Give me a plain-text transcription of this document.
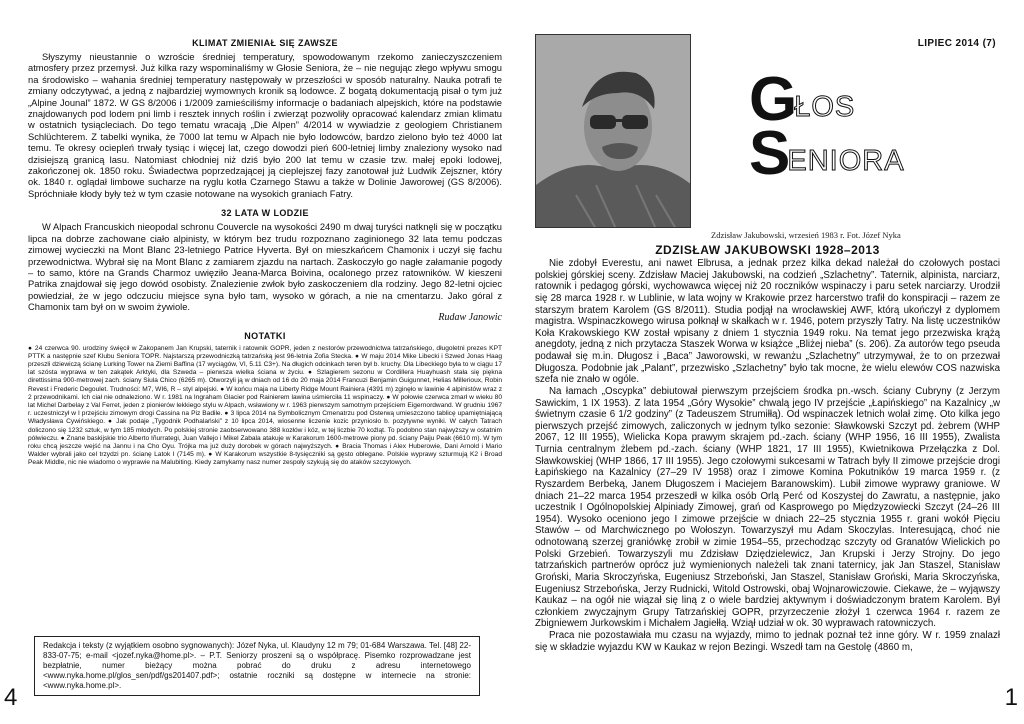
KLIMAT ZMIENIAŁ SIĘ ZAWSZE

Słyszymy nieustannie o wzroście średniej temperatury, spowodowanym rzekomo zanieczyszczeniem atmosfery przez przemysł. Już kilka razy wspominaliśmy w Głosie Seniora, że – nie negując złego wpływu smogu na środowisko – wahania średniej temperatury następowały w przeszłości w sposób naturalny. Nauka potrafi te zmiany odczytywać, a jedną z najbardziej wymownych kronik są lodowce. Z bogatą dokumentacją pisał o tym już „Alpine Jounal” 1872. W GS 8/2006 i 1/2009 zamieściliśmy informacje o badaniach alpejskich, które na podstawie znajdowanych pod lodem pni limb i resztek innych roślin i zwierząt pozwoliły opracować kalendarz zmian klimatu w ostatnich tysiącleciach. Do tego tematu wracają „Die Alpen” 4/2014 w wywiadzie z geologiem Christianem Schlüchterem. Z tabelki wynika, że 7000 lat temu w Alpach nie było lodowców, bardzo zielono było też 4000 lat temu. Te okresy ociepleń trwały tysiąc i więcej lat, czego dowodzi pień 600-letniej limby znaleziony wysoko nad dzisiejszą granicą lasu. Natomiast chłodniej niż dziś było 200 lat temu w czasie tzw. małej epoki lodowej, zakończonej ok. 1850 roku. Świadectwa poprzedzającej ją cieplejszej fazy zanotował już Ludwik Zejszner, który ok. 1840 r. oglądał limbowe sucharze na ryglu kotła Czarnego Stawu a także w Dolinie Jaworowej (GS 8/2006). Spróchniałe kłody były też w tym czasie notowane na wysokich graniach Fatry.

32 LATA W LODZIE

W Alpach Francuskich nieopodal schronu Couvercle na wysokości 2490 m dwaj turyści natknęli się w początku lipca na dobrze zachowane ciało alpinisty, w którym bez trudu rozpoznano zaginionego 32 lata temu podczas zimowej wycieczki na Mont Blanc 23-letniego Patrice Hyverta. Był on mieszkańcem Chamonix i uczył się fachu przewodnictwa. Wybrał się na Mont Blanc z zamiarem zjazdu na nartach. Zaskoczyło go nagłe załamanie pogody – to samo, które na Grands Charmoz uwięziło Jeana-Marca Boivina, ocalonego przez ratowników. W kieszeni Patrika znajdował się jego dowód osobisty. Znalezienie zwłok było zaskoczeniem dla rodziny. Jego 82-letni ojciec powiedział, że w jego odczuciu miejsce syna było tam, wysoko w górach, a nie na cmentarzu. Jako góral z Chamonix tam był on w swoim żywiole.

Rudaw Janowic
NOTATKI

● 24 czerwca 90. urodziny święcił w Zakopanem Jan Krupski, taternik i ratownik GOPR, jeden z nestorów przewodnictwa tatrzańskiego, długoletni prezes KPT PTTK a następnie szef Klubu Seniora TOPR. Najstarszą przewodniczką tatrzańską jest 96-letnia Zofia Stecka. ● W maju 2014 Mike Libecki i Szwed Jonas Haag przeszli dziewiczą ścianę Lurking Tower na Ziemi Baffina (17 wyciągów, VI, 5.11 C3+). Na długich odcinkach teren był b. kruchy. Dla Libeckiego była to w ciągu 17 lat szósta wyprawa w ten zakątek Arktyki, dla Szweda – pierwsza wielka ściana w życiu. ● Szlagierem sezonu w Cordillera Huayhuash stała się piękna direttissima 900-metrowej zach. ściany Siula Chico (6265 m). Otworzyli ją w dniach od 16 do 20 maja 2014 Francuzi Benjamin Guigunnet, Helias Millerioux, Robin Revest i Frederic Degoulet. Trudności: M7, WI6, R – styl alpejski. ● W końcu maja na Liberty Ridge Mount Rainiera (4391 m) zginęło w lawinie 4 alpinistów wraz z 2 przewodnikami. Ich ciał nie odnaleziono. W r. 1981 na Ingraham Glacier pod Rainierem lawina uśmierciła 11 wspinaczy. ● W połowie czerwca zmarł w wieku 80 lat Michel Darbelay z Val Ferret, jeden z pionierów lekkiego stylu w Alpach, wsławiony w r. 1963 pierwszym samotnym przejściem Eigernordwand. W grudniu 1967 r. uczestniczył w I przejściu zimowym drogi Cassina na Piz Badile. ● 3 lipca 2014 na Symbolicznym Cmenatrzu pod Osterwą umieszczono tablicę upamiętniającą Władysława Cywińskiego. ● Jak podaje „Tygodnik Podhalański” z 10 lipca 2014, wiosenne liczenie kozic przyniosło b. pozytywne wyniki. W całych Tatrach doliczono się 1232 sztuk, w tym 185 młodych. Po polskiej stronie zaobserwowano 388 kozłów i kóz, w tej liczbie 70 koźląt. To podobno stan najwyższy w ostatnim półwieczu. ● Znane baskijskie trio Alberto Iñurrategi, Juan Vallejo i Mikel Zabala atakuje w Karakorum 1600-metrowe pionу pd. ściany Paiju Peak (6610 m). W tym roku chcą jeszcze wejść na Jannu i na Cho Oyu. Trójka ma już duży dorobek w górach najwyższych. ● Bracia Thomas i Alex Huberowie, Dani Arnold i Mario Walder wybrali jako cel trzydzi pn. ścianę Latok I (7145 m). ● W Karakorum wszystkie 8-tysięczniki są gęsto oblegane. Polskie wyprawy szturmują K2 i Broad Peak Middle, nic nie wiadomo o wyprawie na Malubiting. Kiedy zamykamy nasz numer zespoły szykują się do ataków szczytowych.

Redakcja i teksty (z wyjątkiem osobno sygnowanych): Józef Nyka, ul. Klaudyny 12 m 79; 01-684 Warszawa. Tel. [48] 22-833-07-75; e-mail <jozef.nyka@home.pl>. – P.T. Seniorzy proszeni są o współpracę. Pisemko rozprowadzane jest bezpłatnie, numer bieżący można pobrać do druku z adresu internetowego <www.nyka.home.pl/glos_sen/pdf/gs201407.pdf>; ostatnie roczniki są dostępne w internecie na stronie: <www.nyka.home.pl>.
4
LIPIEC 2014 (7)
G
ŁOS
S
ENIORA
Zdzisław Jakubowski, wrzesień 1983 r. Fot. Józef Nyka
ZDZISŁAW JAKUBOWSKI 1928–2013

Nie zdobył Everestu, ani nawet Elbrusa, a jednak przez kilka dekad należał do czołowych postaci polskiej górskiej sceny. Zdzisław Maciej Jakubowski, na codzień „Szlachetny”. Taternik, alpinista, narciarz, ratownik i pedagog górski, wychowawca więcej niż 20 roczników wspinaczy i paru setek narciarzy. Urodził się 28 marca 1928 r. w Lublinie, w lata wojny w Krakowie przez harcerstwo trafił do konspiracji – razem ze starszym bratem Karolem (GS 8/2011). Studia podjął na wrocławskiej AWF, którą ukończył z dyplomem magistra. Wspinaczkowego wirusa połknął w skałkach w r. 1946, potem przyszły Tatry. Na listę uczestników Koła Krakowskiego KW został wpisany z dniem 1 stycznia 1949 roku. Na temat jego przezwiska krążą anegdoty, jedną z nich przytacza Staszek Worwa w książce „Bliżej nieba” (s. 206). Za autorów tego pseuda podawał się m.in. Długosz i „Baca” Jaworowski, w rewanżu „Szlachetny” utrzymywał, że to on przezwał Długosza. Podobnie jak „Palant”, przezwisko „Szlachetny” było tak mocne, że wielu elewów COS nazwiska szefa nie znało w ogóle.

Na łamach „Oscypka” debiutował pierwszym przejściem środka pn.-wsch. ściany Cubryny (z Jerzym Sawickim, 1 IX 1953). Z lata 1954 „Góry Wysokie” chwalą jego IV przejście „Łapińskiego” na Kazalnicy „w świetnym czasie 6 1/2 godziny” (z Tadeuszem Strumiłłą). Od wspinaczek letnich wolał zimę. Oto kilka jego pierwszych przejść zimowych, zaliczonych w jednym tylko sezonie: Sławkowski Szczyt pd. żebrem (WHP 2067, 12 III 1955), Wielicka Kopa prawym skrajem pd.-zach. ściany (WHP 1956, 16 III 1955), Zwalista Turnia centralnym żlebem pd.-zach. ściany (WHP 1821, 17 III 1955), Kwietnikowa Przełączka z Dol. Sławkowskiej (WHP 1866, 17 III 1955). Jego czołowymi sukcesami w Tatrach były II zimowe przejście drogi Łapińskiego na Kazalnicy (27–29 IV 1958) oraz I zimowe Komina Pokutników 19 marca 1959 r. (z Ryszardem Berbeką, Janem Długoszem i Maciejem Baranowskim). Lubił zimowe wyprawy graniowe. W dniach 21–22 marca 1954 przeszedł w kilka osób Orlą Perć od Koszystej do Zawratu, a następnie, jako uczestnik I Ogólnopolskiej Alpiniady Zimowej, grań od Kasprowego po Międzyzowieckі Szczyt (24–26 III 1954). Wysoko oceniono jego I zimowe przejście w dniach 22–25 stycznia 1955 r. grani wokół Pięciu Stawów – od Marchwicznego po Wołoszyn. Towarzyszył mu Adam Skoczylas. Interesującą, choć nie odnotowaną szerzej graniówkę zrobił w zimie 1954–55, przechodząc szczyty od Granatów Wielickich po Polski Grzebień. Towarzyszyli mu Zdzisław Dziędzielewicz, Jan Krupski i Jerzy Strojny. Do jego tatrzańskich partnerów oprócz już wymienionych należeli tak znani taternicy, jak Jan Staszel, Stanisław Groński, Maria Skroczyńska, Eugeniusz Strzeboński, Jan Staszel, Stanisław Groński, Maria Skroczyńska, Eugeniusz Strzebońska, Jerzy Rudnicki, Witold Ostrowski, obaj Wojnarowiczowie. Ciekawe, że – wyjąwszy Kaukaz – na ogół nie wiązał się liną z o wiele bardziej aktywnym i doświadczonym bratem Karolem. Był członkiem zwyczajnym Grupy Tatrzańskiej GOPR, przyrzeczenie złożył 1 czerwca 1964 r. razem ze Zbigniewem Jurkowskim i Michałem Jagiełłą. Wziął udział w ok. 30 wyprawach ratowniczych.

Praca nie pozostawiała mu czasu na wyjazdy, mimo to jednak poznał też inne góry. W r. 1959 znalazł się w składzie wyjazdu KW w Kaukaz w rejon Bezingi. Wszedł tam na Gestolę (4860 m,

1
